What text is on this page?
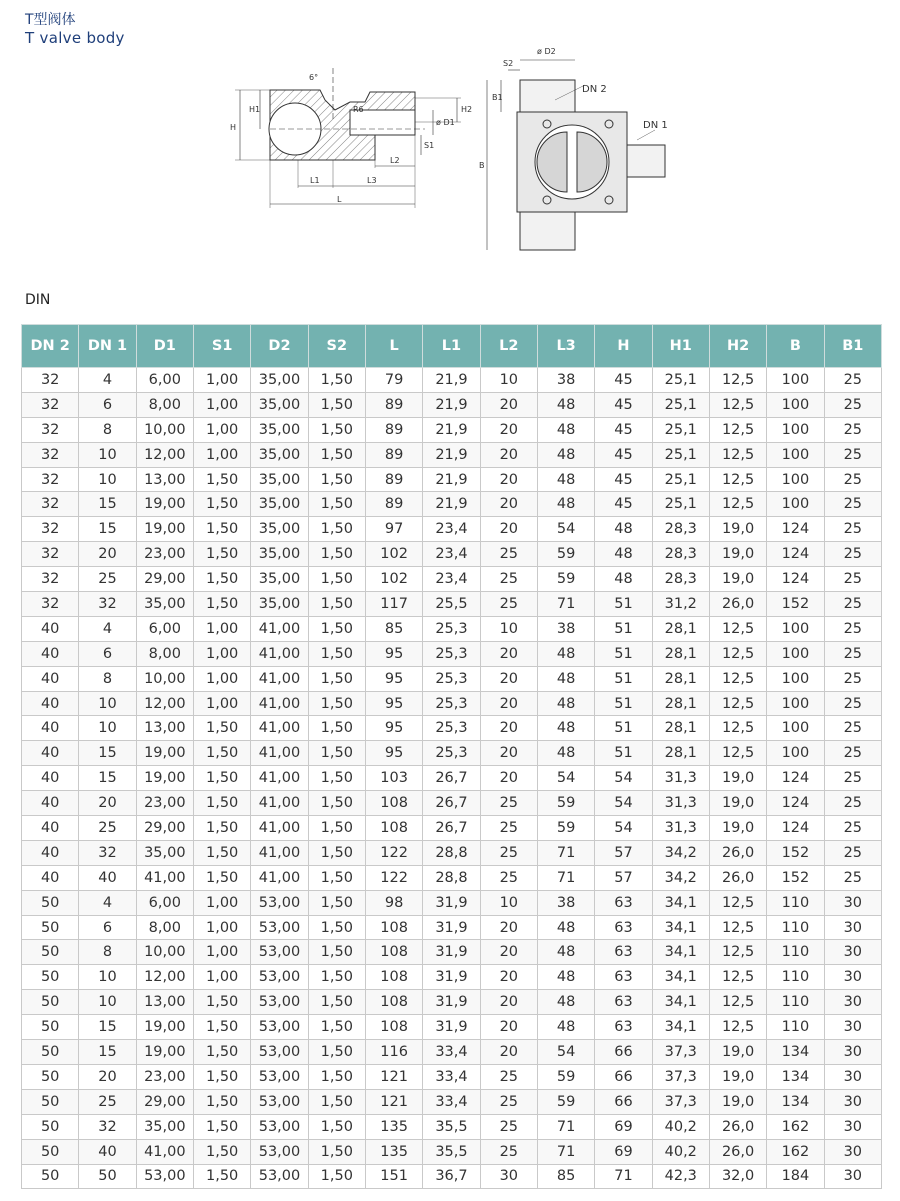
T型阀体
T valve body
6°
R6
H
H1	H2
ø D1
S1
L
L1
L2
L3
ø D2
S2
B1
B
DN 2
DN 1
DIN
DN 2	DN 1	D1	S1	D2	S2	L	L1	L2	L3	H	H1	H2	B	B1
32	4	6,00	1,00	35,00	1,50	79	21,9	10	38	45	25,1	12,5	100	25
32	6	8,00	1,00	35,00	1,50	89	21,9	20	48	45	25,1	12,5	100	25
32	8	10,00	1,00	35,00	1,50	89	21,9	20	48	45	25,1	12,5	100	25
32	10	12,00	1,00	35,00	1,50	89	21,9	20	48	45	25,1	12,5	100	25
32	10	13,00	1,50	35,00	1,50	89	21,9	20	48	45	25,1	12,5	100	25
32	15	19,00	1,50	35,00	1,50	89	21,9	20	48	45	25,1	12,5	100	25
32	15	19,00	1,50	35,00	1,50	97	23,4	20	54	48	28,3	19,0	124	25
32	20	23,00	1,50	35,00	1,50	102	23,4	25	59	48	28,3	19,0	124	25
32	25	29,00	1,50	35,00	1,50	102	23,4	25	59	48	28,3	19,0	124	25
32	32	35,00	1,50	35,00	1,50	117	25,5	25	71	51	31,2	26,0	152	25
40	4	6,00	1,00	41,00	1,50	85	25,3	10	38	51	28,1	12,5	100	25
40	6	8,00	1,00	41,00	1,50	95	25,3	20	48	51	28,1	12,5	100	25
40	8	10,00	1,00	41,00	1,50	95	25,3	20	48	51	28,1	12,5	100	25
40	10	12,00	1,00	41,00	1,50	95	25,3	20	48	51	28,1	12,5	100	25
40	10	13,00	1,50	41,00	1,50	95	25,3	20	48	51	28,1	12,5	100	25
40	15	19,00	1,50	41,00	1,50	95	25,3	20	48	51	28,1	12,5	100	25
40	15	19,00	1,50	41,00	1,50	103	26,7	20	54	54	31,3	19,0	124	25
40	20	23,00	1,50	41,00	1,50	108	26,7	25	59	54	31,3	19,0	124	25
40	25	29,00	1,50	41,00	1,50	108	26,7	25	59	54	31,3	19,0	124	25
40	32	35,00	1,50	41,00	1,50	122	28,8	25	71	57	34,2	26,0	152	25
40	40	41,00	1,50	41,00	1,50	122	28,8	25	71	57	34,2	26,0	152	25
50	4	6,00	1,00	53,00	1,50	98	31,9	10	38	63	34,1	12,5	110	30
50	6	8,00	1,00	53,00	1,50	108	31,9	20	48	63	34,1	12,5	110	30
50	8	10,00	1,00	53,00	1,50	108	31,9	20	48	63	34,1	12,5	110	30
50	10	12,00	1,00	53,00	1,50	108	31,9	20	48	63	34,1	12,5	110	30
50	10	13,00	1,50	53,00	1,50	108	31,9	20	48	63	34,1	12,5	110	30
50	15	19,00	1,50	53,00	1,50	108	31,9	20	48	63	34,1	12,5	110	30
50	15	19,00	1,50	53,00	1,50	116	33,4	20	54	66	37,3	19,0	134	30
50	20	23,00	1,50	53,00	1,50	121	33,4	25	59	66	37,3	19,0	134	30
50	25	29,00	1,50	53,00	1,50	121	33,4	25	59	66	37,3	19,0	134	30
50	32	35,00	1,50	53,00	1,50	135	35,5	25	71	69	40,2	26,0	162	30
50	40	41,00	1,50	53,00	1,50	135	35,5	25	71	69	40,2	26,0	162	30
50	50	53,00	1,50	53,00	1,50	151	36,7	30	85	71	42,3	32,0	184	30
